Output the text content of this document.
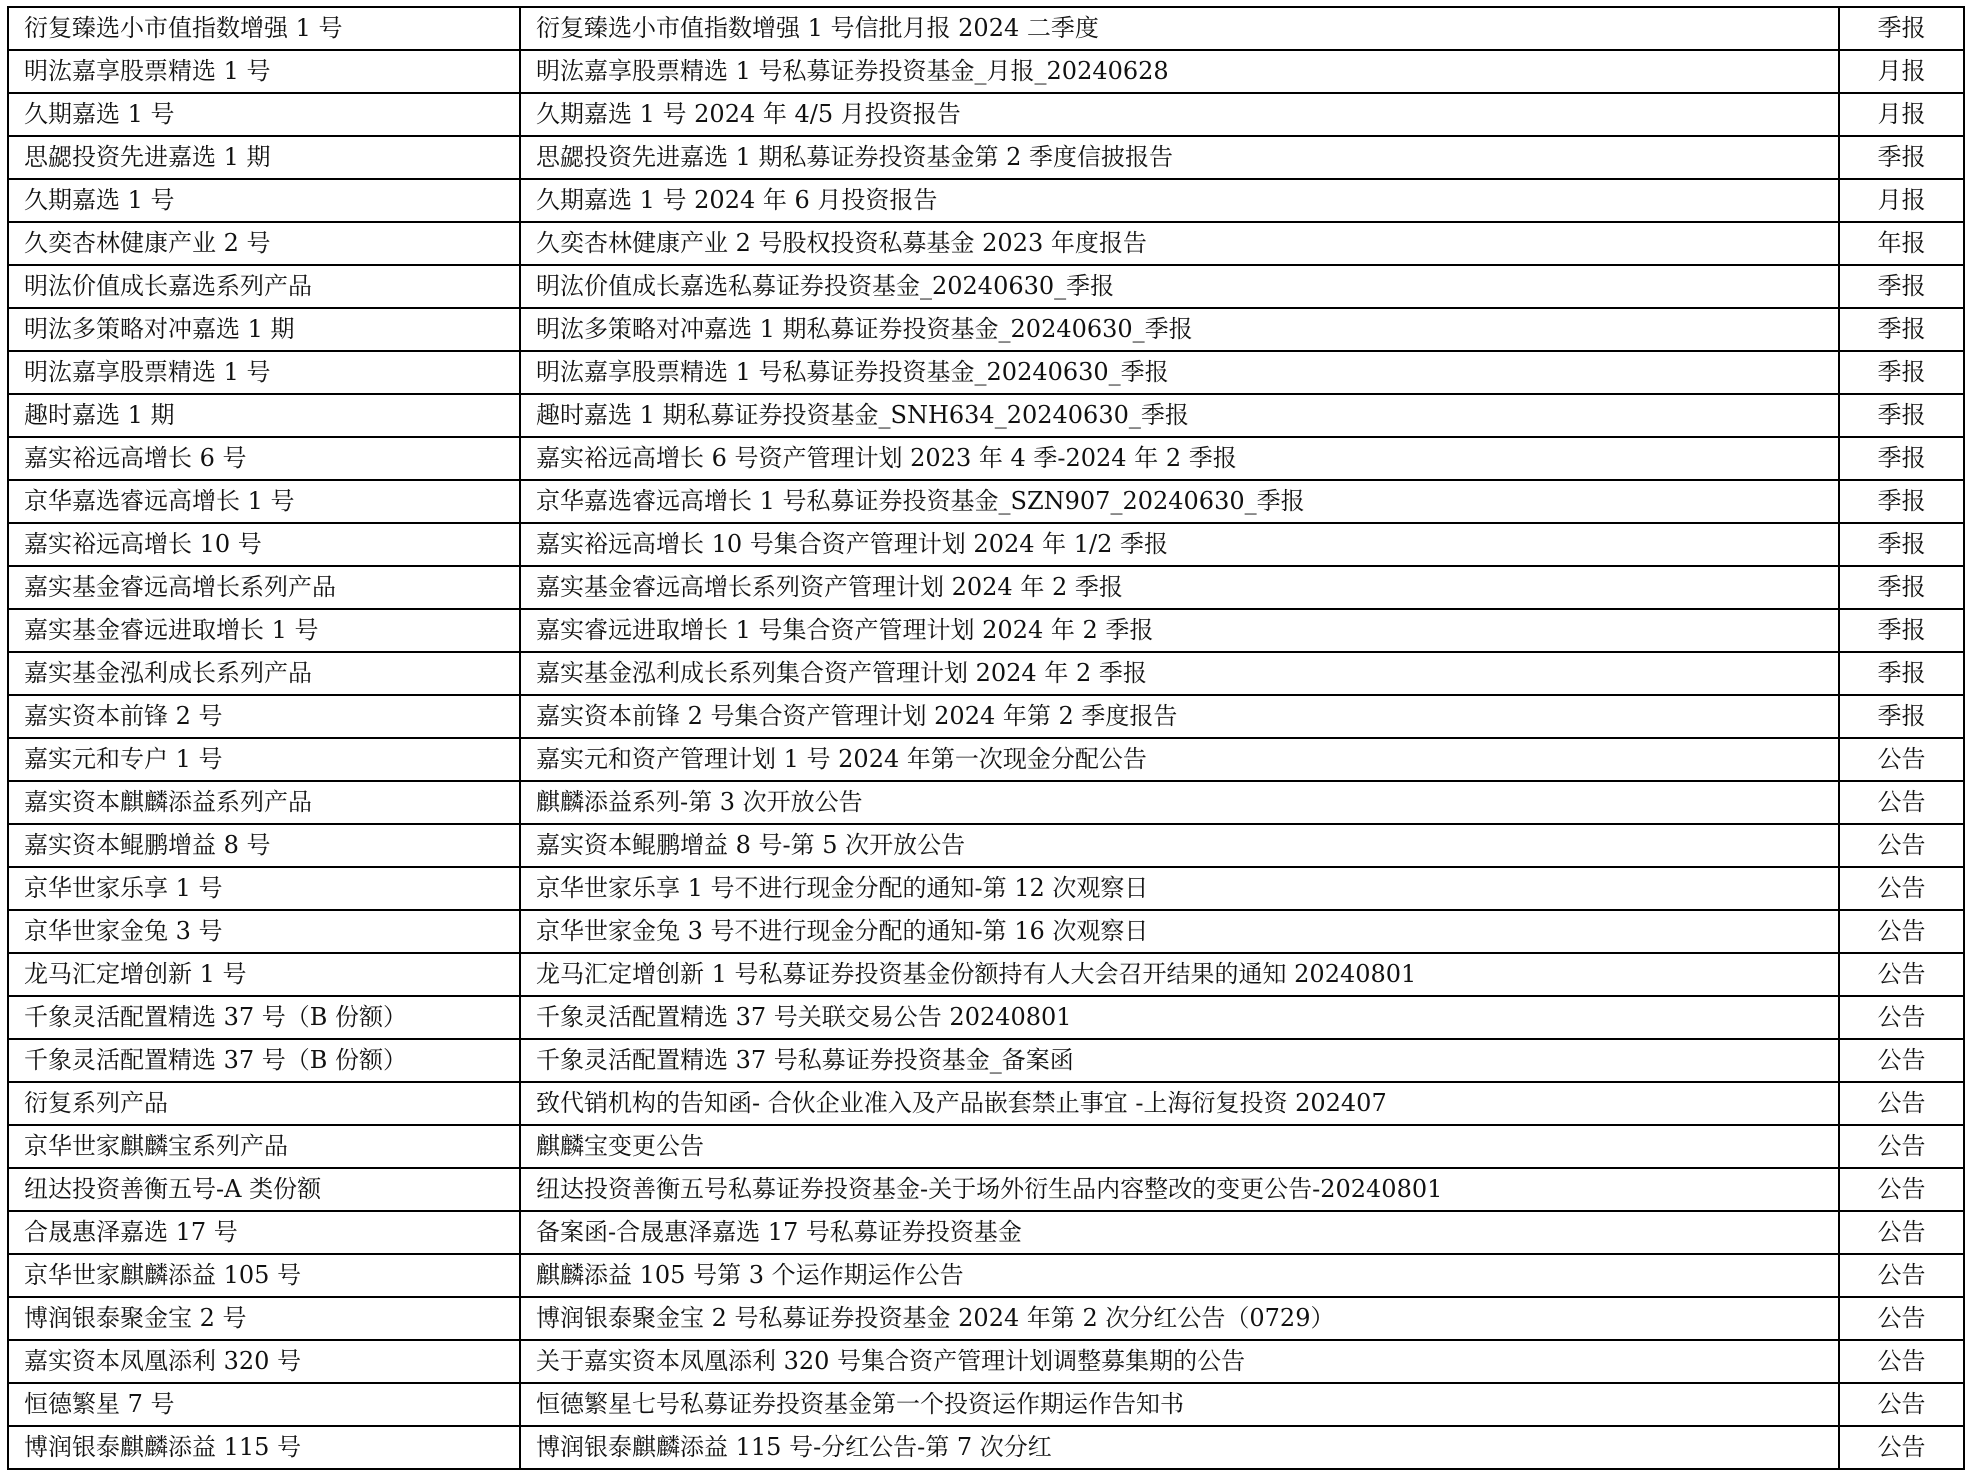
衍复臻选小市值指数增强 1 号	衍复臻选小市值指数增强 1 号信批月报 2024 二季度	季报
明汯嘉享股票精选 1 号	明汯嘉享股票精选 1 号私募证券投资基金_月报_20240628	月报
久期嘉选 1 号	久期嘉选 1 号 2024 年 4/5 月投资报告	月报
思勰投资先进嘉选 1 期	思勰投资先进嘉选 1 期私募证券投资基金第 2 季度信披报告	季报
久期嘉选 1 号	久期嘉选 1 号 2024 年 6 月投资报告	月报
久奕杏林健康产业 2 号	久奕杏林健康产业 2 号股权投资私募基金 2023 年度报告	年报
明汯价值成长嘉选系列产品	明汯价值成长嘉选私募证券投资基金_20240630_季报	季报
明汯多策略对冲嘉选 1 期	明汯多策略对冲嘉选 1 期私募证券投资基金_20240630_季报	季报
明汯嘉享股票精选 1 号	明汯嘉享股票精选 1 号私募证券投资基金_20240630_季报	季报
趣时嘉选 1 期	趣时嘉选 1 期私募证券投资基金_SNH634_20240630_季报	季报
嘉实裕远高增长 6 号	嘉实裕远高增长 6 号资产管理计划 2023 年 4 季-2024 年 2 季报	季报
京华嘉选睿远高增长 1 号	京华嘉选睿远高增长 1 号私募证券投资基金_SZN907_20240630_季报	季报
嘉实裕远高增长 10 号	嘉实裕远高增长 10 号集合资产管理计划 2024 年 1/2 季报	季报
嘉实基金睿远高增长系列产品	嘉实基金睿远高增长系列资产管理计划 2024 年 2 季报	季报
嘉实基金睿远进取增长 1 号	嘉实睿远进取增长 1 号集合资产管理计划 2024 年 2 季报	季报
嘉实基金泓利成长系列产品	嘉实基金泓利成长系列集合资产管理计划 2024 年 2 季报	季报
嘉实资本前锋 2 号	嘉实资本前锋 2 号集合资产管理计划 2024 年第 2 季度报告	季报
嘉实元和专户 1 号	嘉实元和资产管理计划 1 号 2024 年第一次现金分配公告	公告
嘉实资本麒麟添益系列产品	麒麟添益系列-第 3 次开放公告	公告
嘉实资本鲲鹏增益 8 号	嘉实资本鲲鹏增益 8 号-第 5 次开放公告	公告
京华世家乐享 1 号	京华世家乐享 1 号不进行现金分配的通知-第 12 次观察日	公告
京华世家金兔 3 号	京华世家金兔 3 号不进行现金分配的通知-第 16 次观察日	公告
龙马汇定增创新 1 号	龙马汇定增创新 1 号私募证券投资基金份额持有人大会召开结果的通知 20240801	公告
千象灵活配置精选 37 号（B 份额）	千象灵活配置精选 37 号关联交易公告 20240801	公告
千象灵活配置精选 37 号（B 份额）	千象灵活配置精选 37 号私募证券投资基金_备案函	公告
衍复系列产品	致代销机构的告知函- 合伙企业准入及产品嵌套禁止事宜 -上海衍复投资 202407	公告
京华世家麒麟宝系列产品	麒麟宝变更公告	公告
纽达投资善衡五号-A 类份额	纽达投资善衡五号私募证券投资基金-关于场外衍生品内容整改的变更公告-20240801	公告
合晟惠泽嘉选 17 号	备案函-合晟惠泽嘉选 17 号私募证券投资基金	公告
京华世家麒麟添益 105 号	麒麟添益 105 号第 3 个运作期运作公告	公告
博润银泰聚金宝 2 号	博润银泰聚金宝 2 号私募证券投资基金 2024 年第 2 次分红公告（0729）	公告
嘉实资本凤凰添利 320 号	关于嘉实资本凤凰添利 320 号集合资产管理计划调整募集期的公告	公告
恒德繁星 7 号	恒德繁星七号私募证券投资基金第一个投资运作期运作告知书	公告
博润银泰麒麟添益 115 号	博润银泰麒麟添益 115 号-分红公告-第 7 次分红	公告
